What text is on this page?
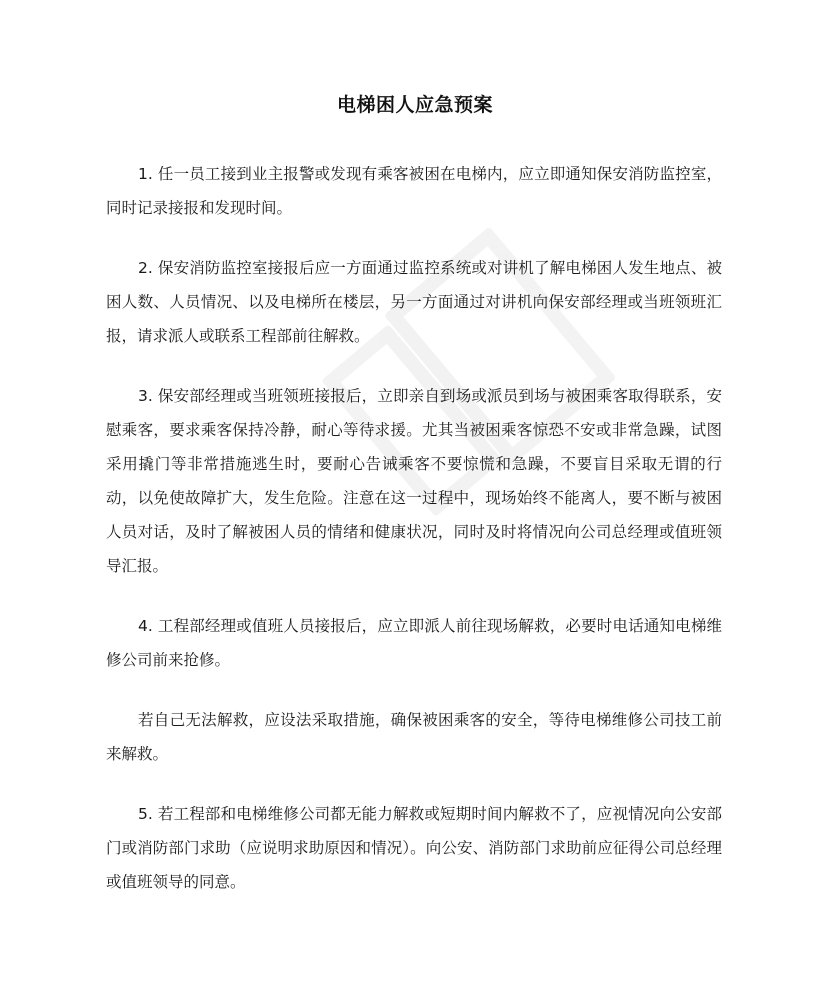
电梯困人应急预案

1. 任一员工接到业主报警或发现有乘客被困在电梯内，应立即通知保安消防监控室，同时记录接报和发现时间。

2. 保安消防监控室接报后应一方面通过监控系统或对讲机了解电梯困人发生地点、被困人数、人员情况、以及电梯所在楼层，另一方面通过对讲机向保安部经理或当班领班汇报，请求派人或联系工程部前往解救。

3. 保安部经理或当班领班接报后，立即亲自到场或派员到场与被困乘客取得联系，安慰乘客，要求乘客保持冷静，耐心等待求援。尤其当被困乘客惊恐不安或非常急躁，试图采用撬门等非常措施逃生时，要耐心告诫乘客不要惊慌和急躁，不要盲目采取无谓的行动，以免使故障扩大，发生危险。注意在这一过程中，现场始终不能离人，要不断与被困人员对话，及时了解被困人员的情绪和健康状况，同时及时将情况向公司总经理或值班领导汇报。

4. 工程部经理或值班人员接报后，应立即派人前往现场解救，必要时电话通知电梯维修公司前来抢修。

若自己无法解救，应设法采取措施，确保被困乘客的安全，等待电梯维修公司技工前来解救。

5. 若工程部和电梯维修公司都无能力解救或短期时间内解救不了，应视情况向公安部门或消防部门求助（应说明求助原因和情况）。向公安、消防部门求助前应征得公司总经理或值班领导的同意。
